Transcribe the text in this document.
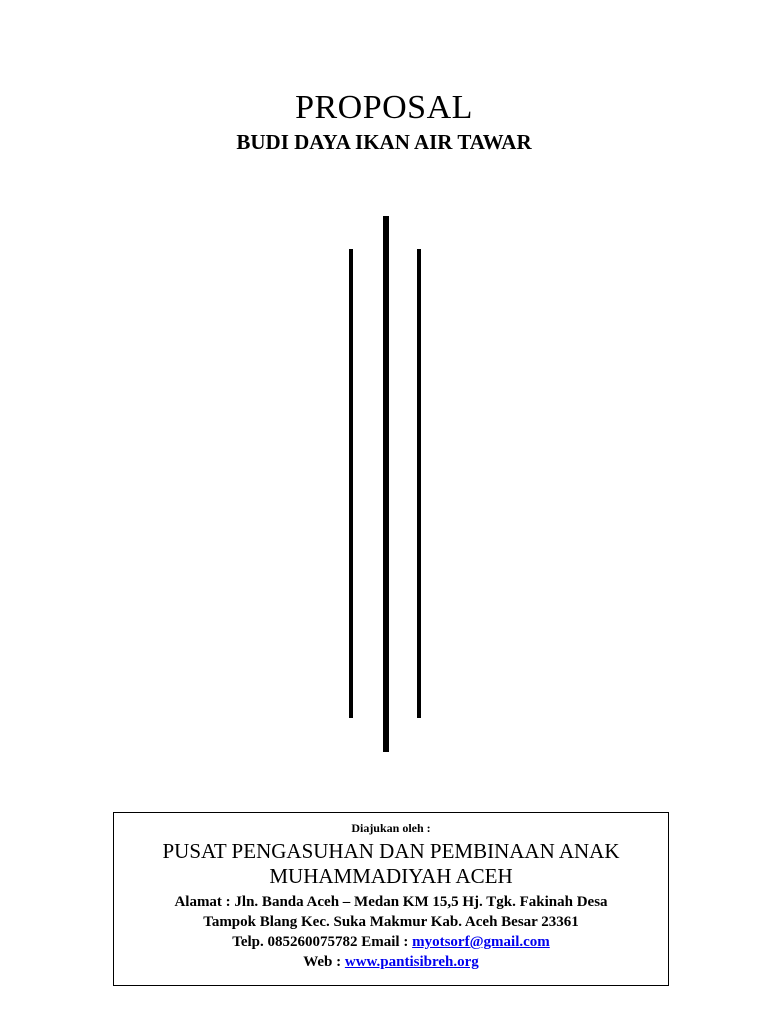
PROPOSAL
BUDI DAYA IKAN AIR TAWAR
Diajukan oleh :
PUSAT PENGASUHAN DAN PEMBINAAN ANAK
MUHAMMADIYAH ACEH
Alamat : Jln. Banda Aceh – Medan KM 15,5 Hj. Tgk. Fakinah Desa
Tampok Blang Kec. Suka Makmur Kab. Aceh Besar 23361
Telp. 085260075782 Email : myotsorf@gmail.com
Web : www.pantisibreh.org
